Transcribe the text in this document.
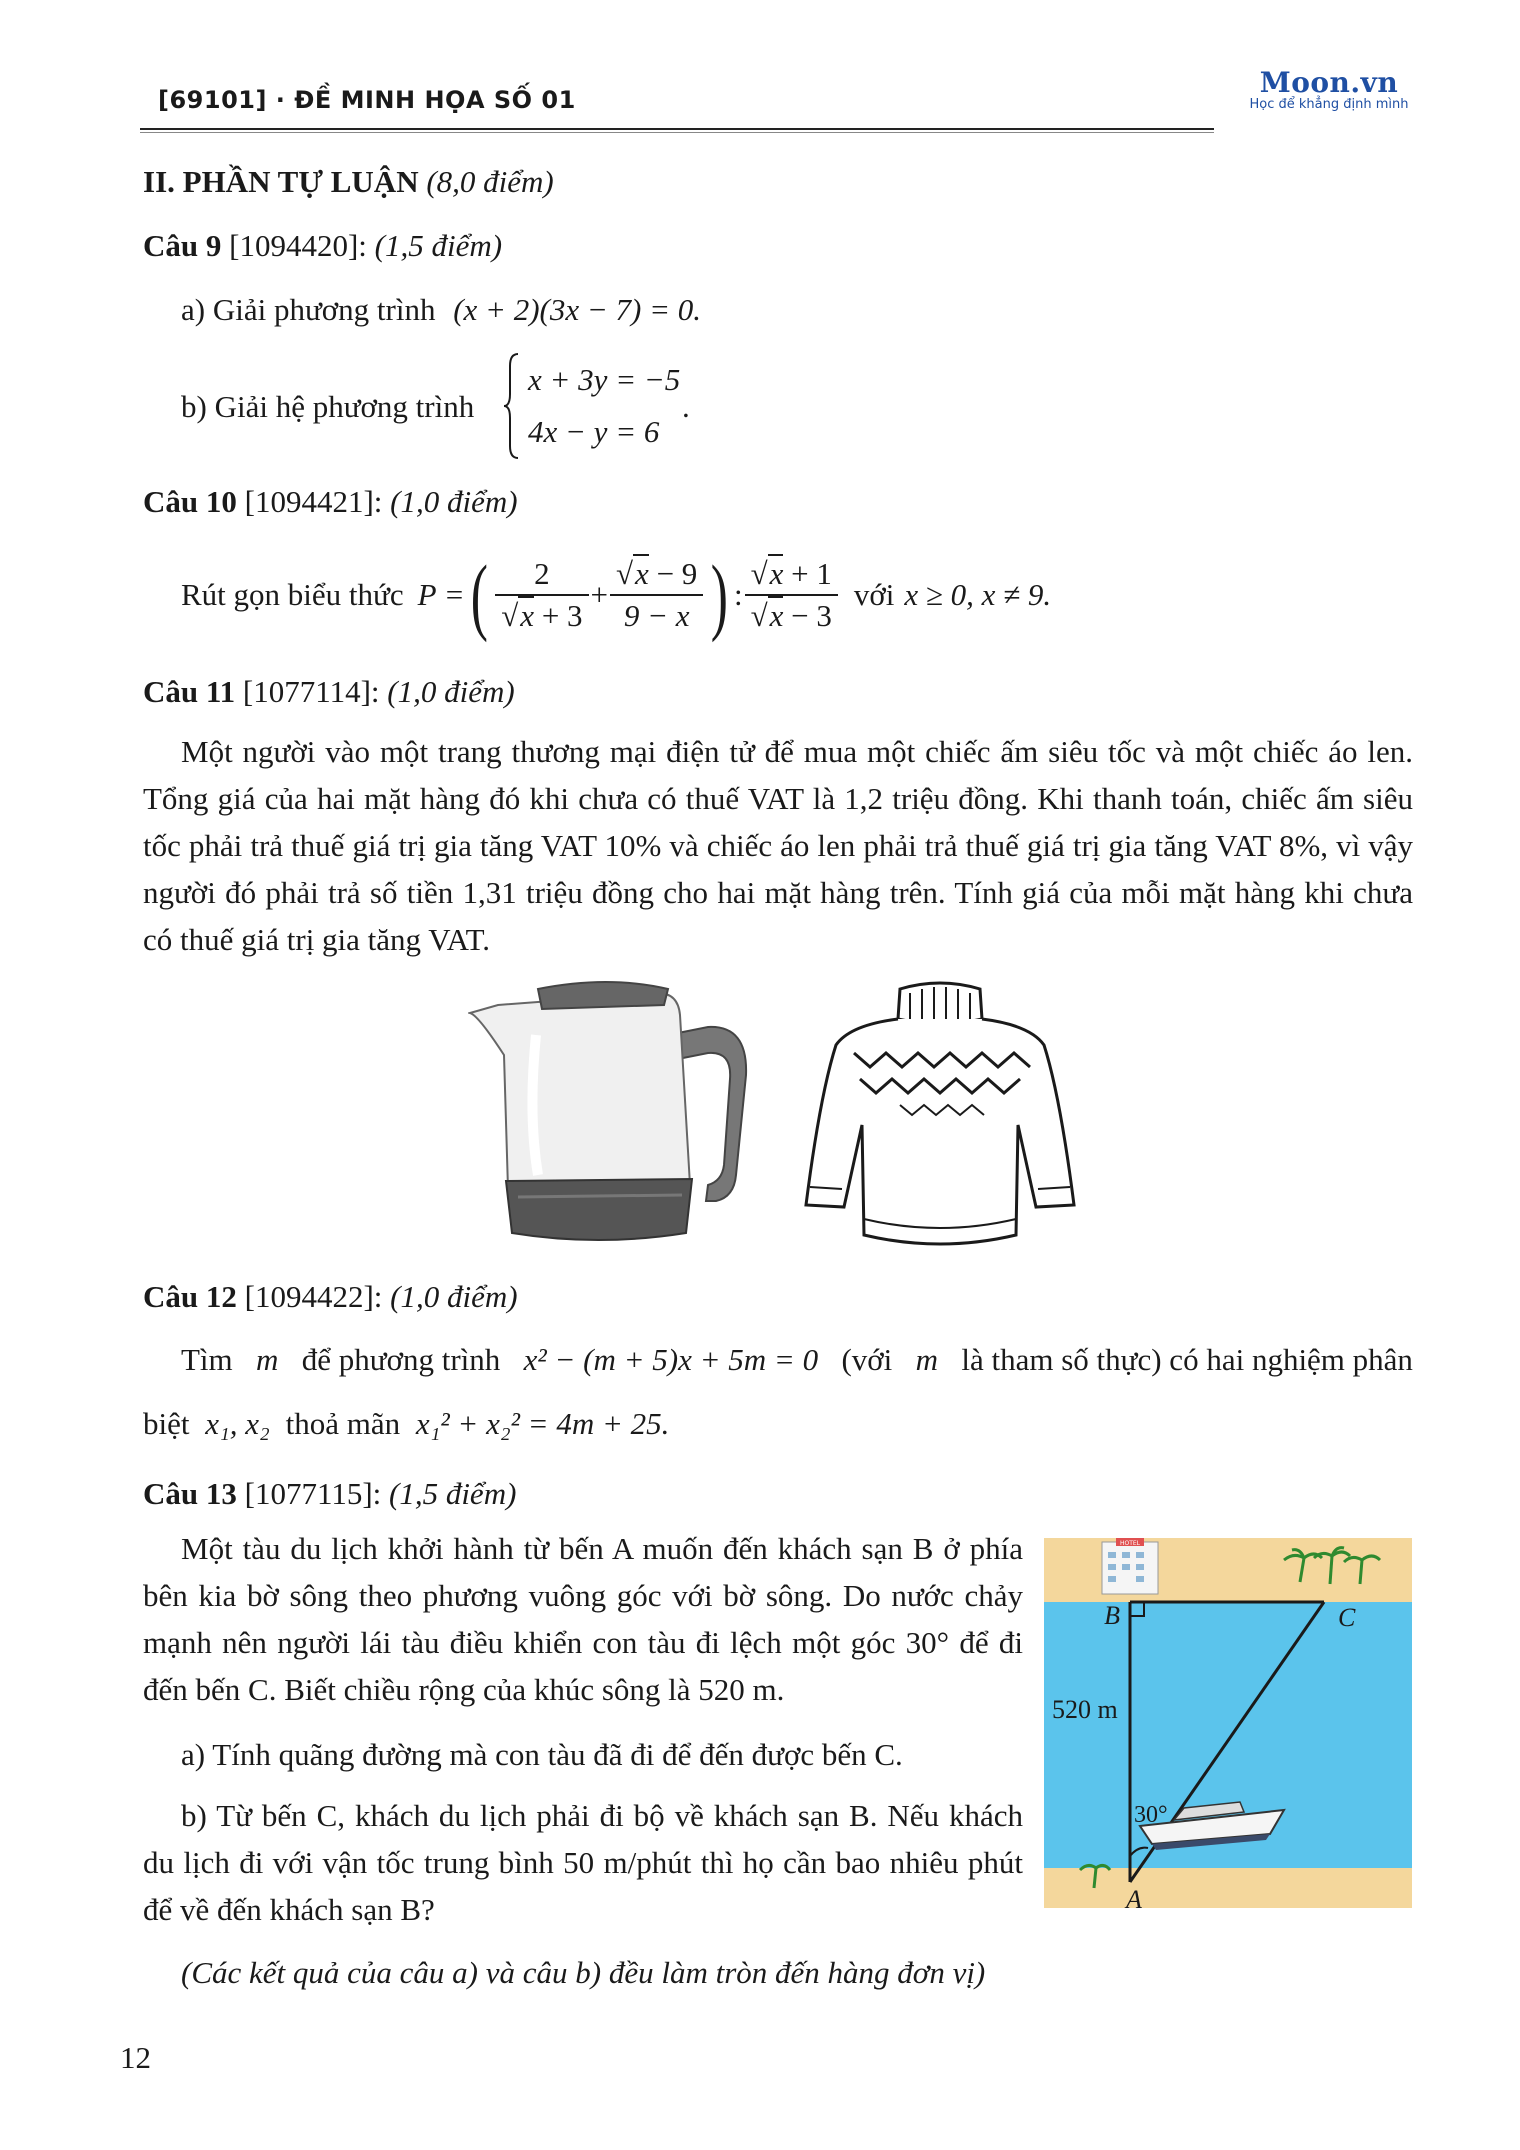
[69101] · ĐỀ MINH HỌA SỐ 01
Moon.vn
Học để khẳng định mình
II. PHẦN TỰ LUẬN (8,0 điểm)
Câu 9 [1094420]: (1,5 điểm)
a) Giải phương trình (x + 2)(3x − 7) = 0.
b) Giải hệ phương trình
x + 3y = −5
4x − y = 6
.
Câu 10 [1094421]: (1,0 điểm)
Rút gọn biểu thức P = ( $\frac{2}{√x + 3} + \frac{√x - 9}{9 - x}$ ) : $\frac{√x + 1}{√x - 3}$ với x ≥ 0, x ≠ 9.
Câu 11 [1077114]: (1,0 điểm)
Một người vào một trang thương mại điện tử để mua một chiếc ấm siêu tốc và một chiếc áo len. Tổng giá của hai mặt hàng đó khi chưa có thuế VAT là 1,2 triệu đồng. Khi thanh toán, chiếc ấm siêu tốc phải trả thuế giá trị gia tăng VAT 10% và chiếc áo len phải trả thuế giá trị gia tăng VAT 8%, vì vậy người đó phải trả số tiền 1,31 triệu đồng cho hai mặt hàng trên. Tính giá của mỗi mặt hàng khi chưa có thuế giá trị gia tăng VAT.
Câu 12 [1094422]: (1,0 điểm)
Tìm m để phương trình x² − (m + 5)x + 5m = 0 (với m là tham số thực) có hai nghiệm phân
biệt x₁, x₂ thoả mãn x₁² + x₂² = 4m + 25.
Câu 13 [1077115]: (1,5 điểm)
Một tàu du lịch khởi hành từ bến A muốn đến khách sạn B ở phía bên kia bờ sông theo phương vuông góc với bờ sông. Do nước chảy mạnh nên người lái tàu điều khiển con tàu đi lệch một góc 30° để đi đến bến C. Biết chiều rộng của khúc sông là 520 m.
a) Tính quãng đường mà con tàu đã đi để đến được bến C.
b) Từ bến C, khách du lịch phải đi bộ về khách sạn B. Nếu khách du lịch đi với vận tốc trung bình 50 m/phút thì họ cần bao nhiêu phút để về đến khách sạn B?
(Các kết quả của câu a) và câu b) đều làm tròn đến hàng đơn vị)
HOTEL
B	C
A
520 m
30°
12
